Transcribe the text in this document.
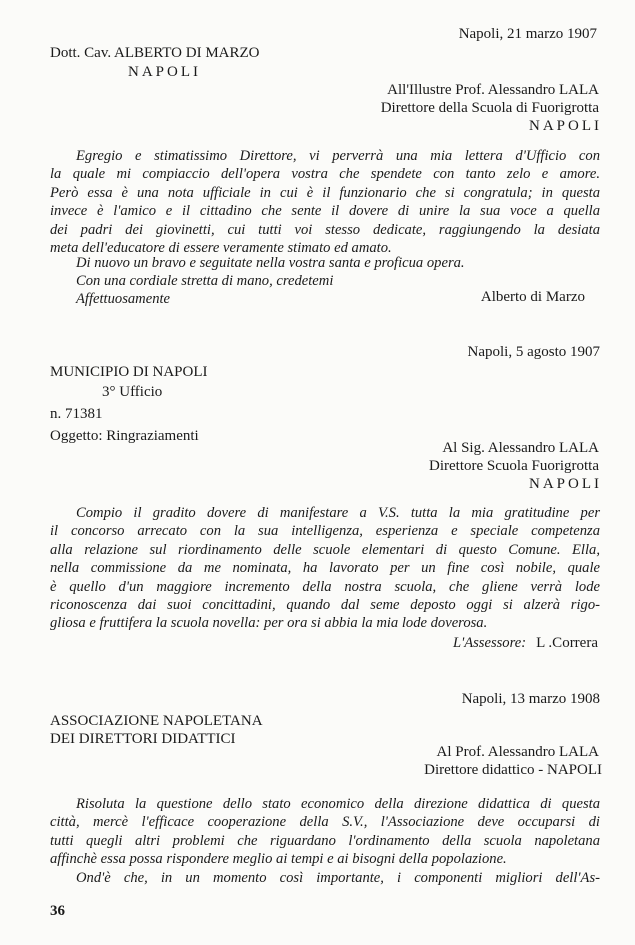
Napoli, 21 marzo 1907
Dott. Cav. ALBERTO DI MARZO
NAPOLI
All'Illustre Prof. Alessandro LALA
Direttore della Scuola di Fuorigrotta
NAPOLI
Egregio e stimatissimo Direttore, vi perverrà una mia lettera d'Ufficio con
la quale mi compiaccio dell'opera vostra che spendete con tanto zelo e amore.
Però essa è una nota ufficiale in cui è il funzionario che si congratula; in questa
invece è l'amico e il cittadino che sente il dovere di unire la sua voce a quella
dei padri dei giovinetti, cui tutti voi stesso dedicate, raggiungendo la desiata
meta dell'educatore di essere veramente stimato ed amato.
Di nuovo un bravo e seguitate nella vostra santa e proficua opera.
Con una cordiale stretta di mano, credetemi
Affettuosamente	Alberto di Marzo
Napoli, 5 agosto 1907
MUNICIPIO DI NAPOLI
3° Ufficio
n. 71381
Oggetto: Ringraziamenti
Al Sig. Alessandro LALA
Direttore Scuola Fuorigrotta
NAPOLI
Compio il gradito dovere di manifestare a V.S. tutta la mia gratitudine per
il concorso arrecato con la sua intelligenza, esperienza e speciale competenza
alla relazione sul riordinamento delle scuole elementari di questo Comune. Ella,
nella commissione da me nominata, ha lavorato per un fine così nobile, quale
è quello d'un maggiore incremento della nostra scuola, che gliene verrà lode
riconoscenza dai suoi concittadini, quando dal seme deposto oggi si alzerà rigo-
gliosa e fruttifera la scuola novella: per ora si abbia la mia lode doverosa.
L'Assessore: L .Correra
Napoli, 13 marzo 1908
ASSOCIAZIONE NAPOLETANA
DEI DIRETTORI DIDATTICI
Al Prof. Alessandro LALA
Direttore didattico - NAPOLI
Risoluta la questione dello stato economico della direzione didattica di questa
città, mercè l'efficace cooperazione della S.V., l'Associazione deve occuparsi di
tutti quegli altri problemi che riguardano l'ordinamento della scuola napoletana
affinchè essa possa rispondere meglio ai tempi e ai bisogni della popolazione.
Ond'è che, in un momento così importante, i componenti migliori dell'As-
36
